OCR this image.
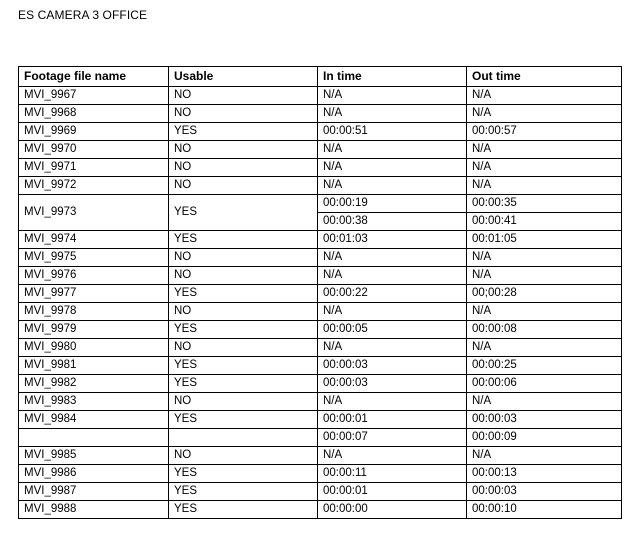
ES CAMERA 3 OFFICE
Footage file name	Usable	In time	Out time
MVI_9967	NO	N/A	N/A
MVI_9968	NO	N/A	N/A
MVI_9969	YES	00:00:51	00:00:57
MVI_9970	NO	N/A	N/A
MVI_9971	NO	N/A	N/A
MVI_9972	NO	N/A	N/A
MVI_9973	YES	00:00:19	00:00:35
		00:00:38	00:00:41
MVI_9974	YES	00:01:03	00:01:05
MVI_9975	NO	N/A	N/A
MVI_9976	NO	N/A	N/A
MVI_9977	YES	00:00:22	00;00:28
MVI_9978	NO	N/A	N/A
MVI_9979	YES	00:00:05	00:00:08
MVI_9980	NO	N/A	N/A
MVI_9981	YES	00:00:03	00:00:25
MVI_9982	YES	00:00:03	00:00:06
MVI_9983	NO	N/A	N/A
MVI_9984	YES	00:00:01	00:00:03
		00:00:07	00:00:09
MVI_9985	NO	N/A	N/A
MVI_9986	YES	00:00:11	00:00:13
MVI_9987	YES	00:00:01	00:00:03
MVI_9988	YES	00:00:00	00:00:10
